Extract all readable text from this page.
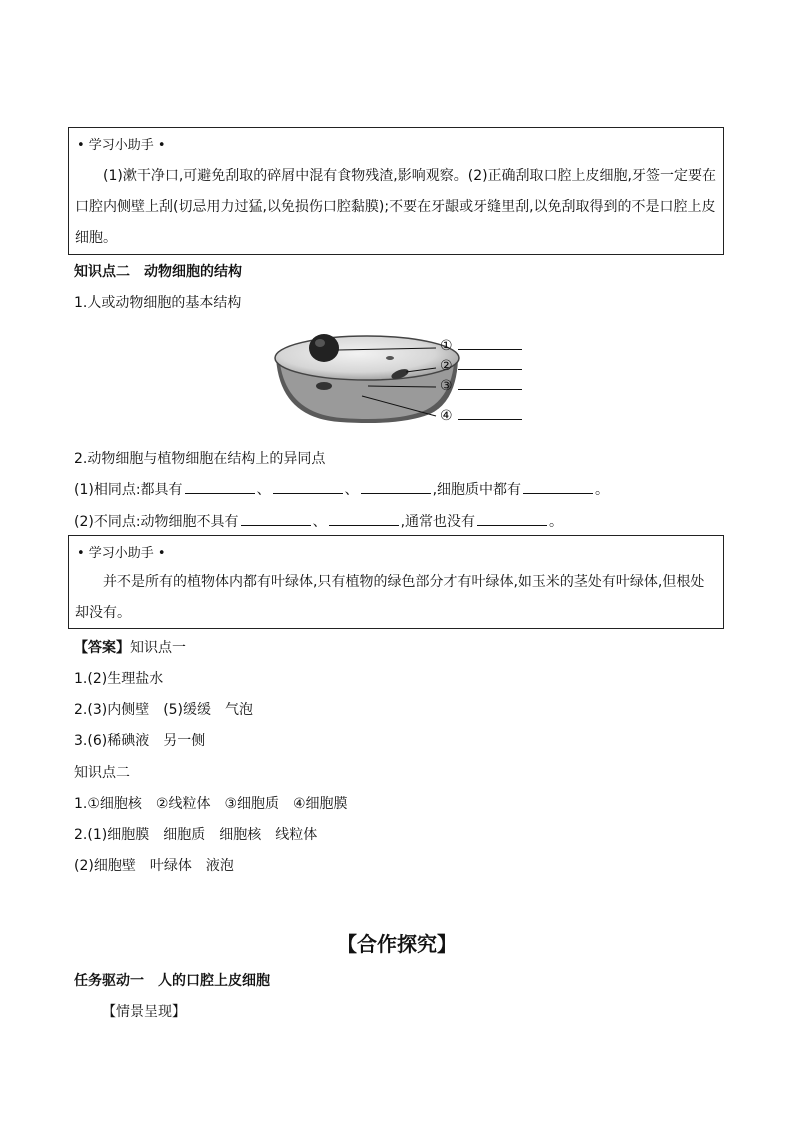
• 学习小助手 •
(1)漱干净口,可避免刮取的碎屑中混有食物残渣,影响观察。(2)正确刮取口腔上皮细胞,牙签一定要在
口腔内侧壁上刮(切忌用力过猛,以免损伤口腔黏膜);不要在牙龈或牙缝里刮,以免刮取得到的不是口腔上皮
细胞。
知识点二　动物细胞的结构
1.人或动物细胞的基本结构
①
②
③
④
2.动物细胞与植物细胞在结构上的异同点
(1)相同点:都具有	、	、	,细胞质中都有	。
(2)不同点:动物细胞不具有	、	,通常也没有	。
• 学习小助手 •
并不是所有的植物体内都有叶绿体,只有植物的绿色部分才有叶绿体,如玉米的茎处有叶绿体,但根处
却没有。
【答案】知识点一
1.(2)生理盐水
2.(3)内侧壁　(5)缓缓　气泡
3.(6)稀碘液　另一侧
知识点二
1.①细胞核　②线粒体　③细胞质　④细胞膜
2.(1)细胞膜　细胞质　细胞核　线粒体
(2)细胞壁　叶绿体　液泡
【合作探究】
任务驱动一　人的口腔上皮细胞
【情景呈现】
